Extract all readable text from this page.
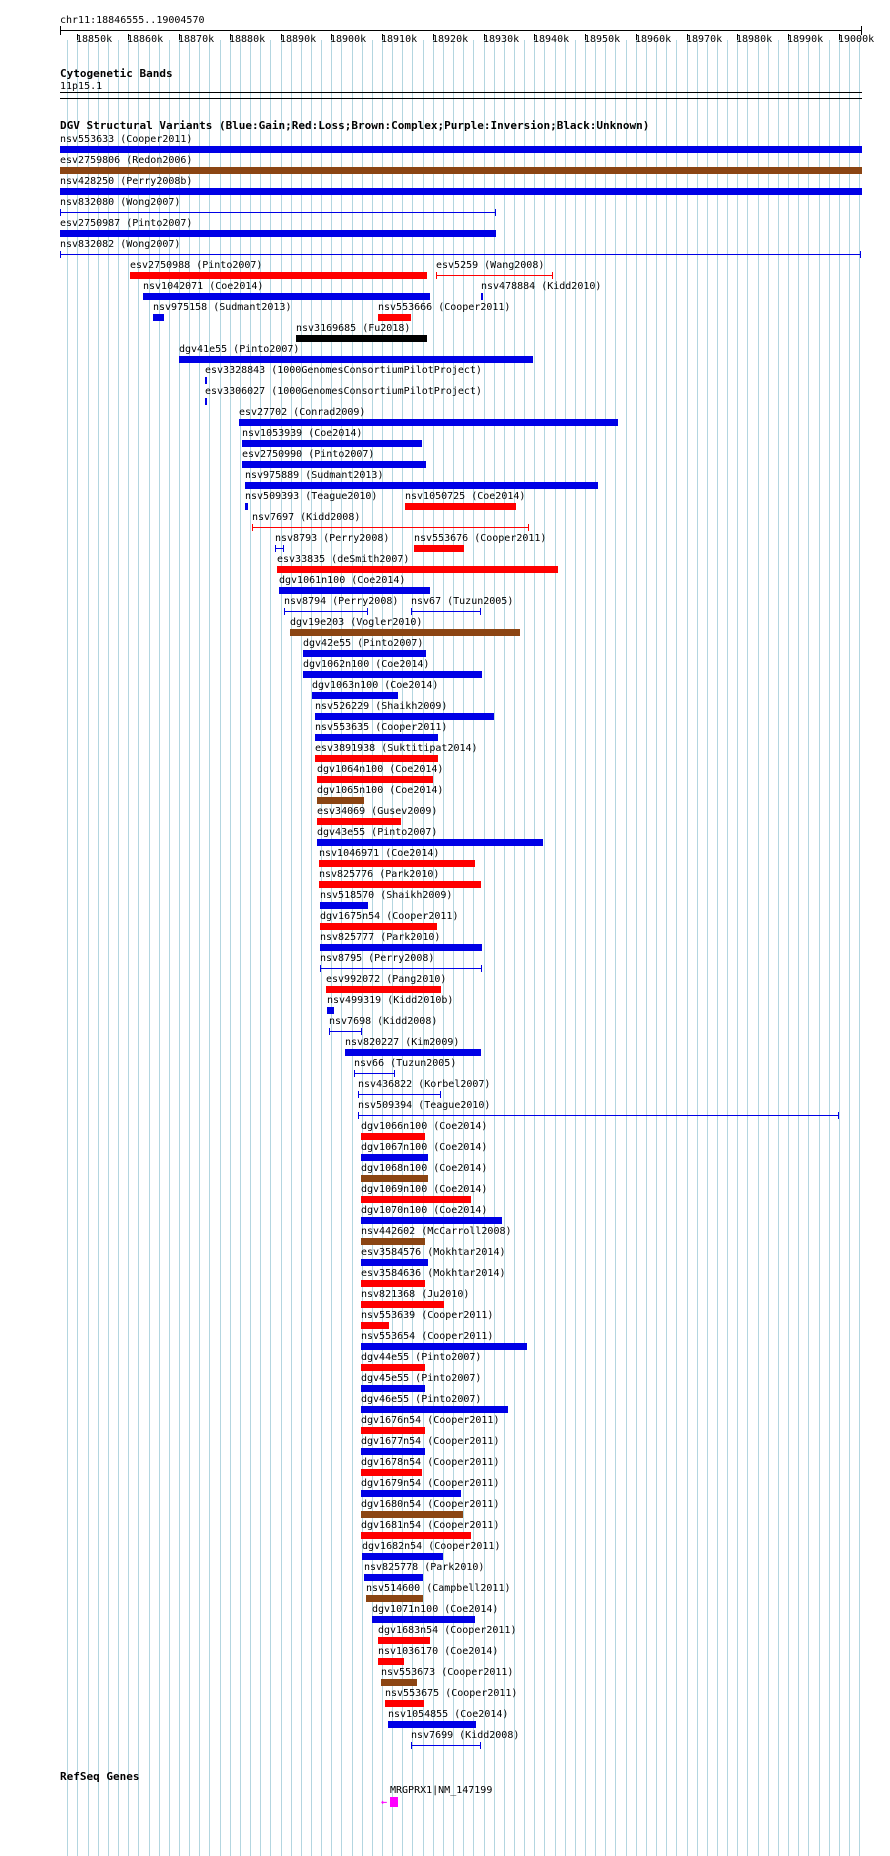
chr11:18846555..19004570
18850k 18860k 18870k 18880k 18890k 18900k 18910k 18920k 18930k 18940k 18950k 18960k 18970k 18980k 18990k 19000k
Cytogenetic Bands
11p15.1
DGV Structural Variants (Blue:Gain;Red:Loss;Brown:Complex;Purple:Inversion;Black:Unknown)
nsv553633 (Cooper2011)
esv2759806 (Redon2006)
nsv428250 (Perry2008b)
nsv832080 (Wong2007)
esv2750987 (Pinto2007)
nsv832082 (Wong2007)
esv2750988 (Pinto2007)	esv5259 (Wang2008)
nsv1042071 (Coe2014)	nsv478884 (Kidd2010)
nsv975158 (Sudmant2013)
nsv3169685 (Fu2018)
dgv41e55 (Pinto2007)
esv3328843 (1000GenomesConsortiumPilotProject)
esv3306027 (1000GenomesConsortiumPilotProject)
esv27702 (Conrad2009)
nsv1053939 (Coe2014)
esv2750990 (Pinto2007)
nsv975889 (Sudmant2013)
nsv509393 (Teague2010)
nsv553666 (Cooper2011)
nsv7697 (Kidd2008)
nsv8793 (Perry2008)
nsv1050725 (Coe2014)
esv33835 (deSmith2007)
dgv1061n100 (Coe2014)
nsv8794 (Perry2008)
nsv553676 (Cooper2011)
dgv19e203 (Vogler2010)
dgv42e55 (Pinto2007)
dgv1062n100 (Coe2014)
dgv1063n100 (Coe2014)
nsv526229 (Shaikh2009)
nsv553635 (Cooper2011)
esv3891938 (Suktitipat2014)
dgv1064n100 (Coe2014)
dgv1065n100 (Coe2014)
esv34069 (Gusev2009)
dgv43e55 (Pinto2007)
nsv1046971 (Coe2014)
nsv825776 (Park2010)
nsv518570 (Shaikh2009)
dgv1675n54 (Cooper2011)
nsv825777 (Park2010)
nsv8795 (Perry2008)
esv992072 (Pang2010)
nsv499319 (Kidd2010b)
nsv7698 (Kidd2008)
nsv820227 (Kim2009)
nsv66 (Tuzun2005)
nsv436822 (Korbel2007)
nsv509394 (Teague2010)
dgv1066n100 (Coe2014)
dgv1067n100 (Coe2014)
dgv1068n100 (Coe2014)
dgv1069n100 (Coe2014)
dgv1070n100 (Coe2014)
nsv442602 (McCarroll2008)
esv3584576 (Mokhtar2014)
esv3584636 (Mokhtar2014)
nsv821368 (Ju2010)
nsv553639 (Cooper2011)
nsv553654 (Cooper2011)
dgv44e55 (Pinto2007)
dgv45e55 (Pinto2007)
dgv46e55 (Pinto2007)
dgv1676n54 (Cooper2011)
dgv1677n54 (Cooper2011)
dgv1678n54 (Cooper2011)
dgv1679n54 (Cooper2011)
dgv1680n54 (Cooper2011)
dgv1681n54 (Cooper2011)
dgv1682n54 (Cooper2011)
nsv825778 (Park2010)
nsv514600 (Campbell2011)
dgv1071n100 (Coe2014)
dgv1683n54 (Cooper2011)
nsv1036170 (Coe2014)
nsv553673 (Cooper2011)
nsv553675 (Cooper2011)
nsv1054855 (Coe2014)
nsv67 (Tuzun2005)
nsv7699 (Kidd2008)
RefSeq Genes
MRGPRX1|NM_147199
←
